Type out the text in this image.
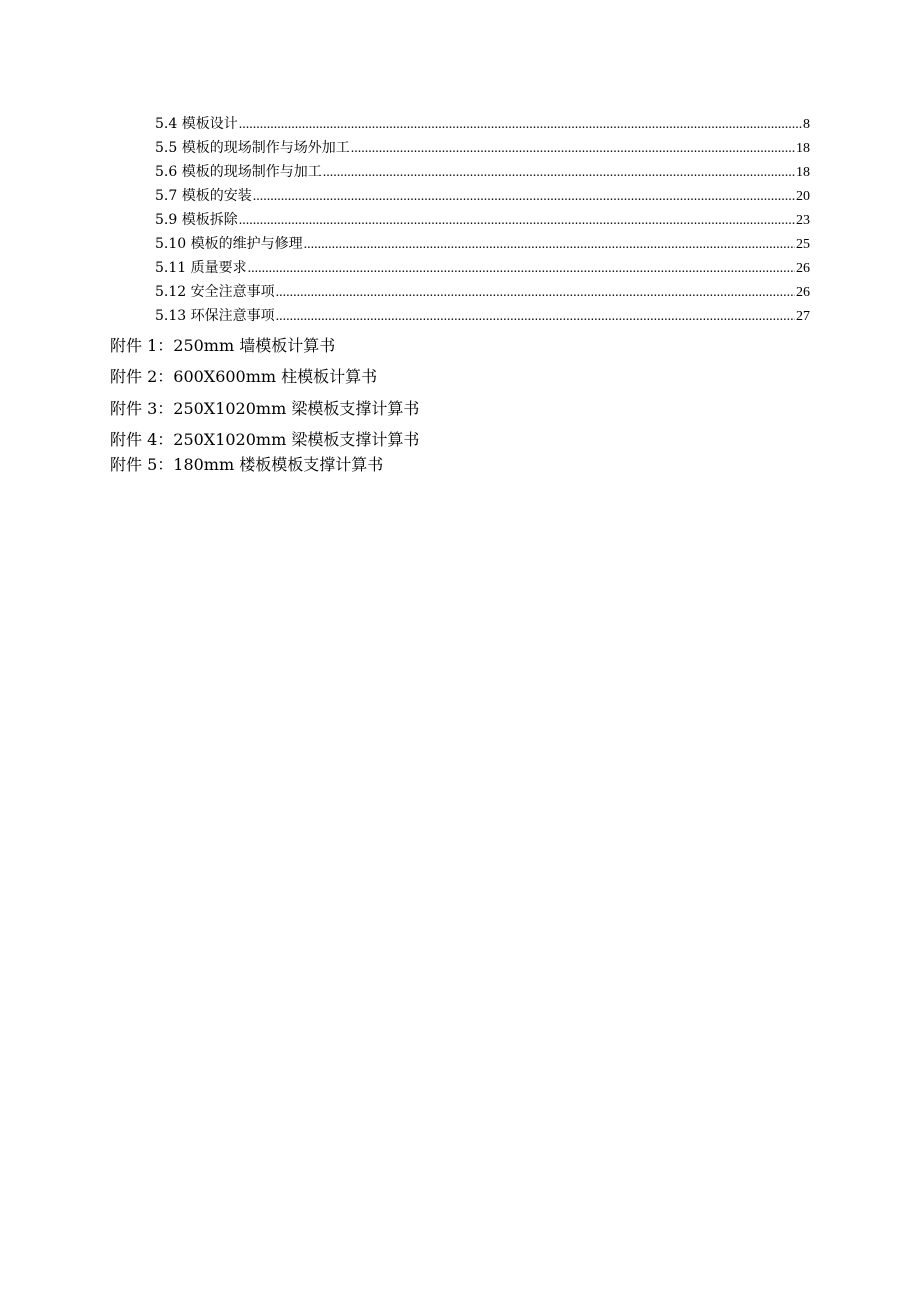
5.4 模板设计 .....	8
5.5 模板的现场制作与场外加工 .....	18
5.6 模板的现场制作与加工 .....	18
5.7 模板的安装 .....	20
5.9 模板拆除 .....	23
5.10 模板的维护与修理 .....	25
5.11 质量要求 .....	26
5.12 安全注意事项 .....	26
5.13 环保注意事项 .....	27
附件 1：250mm 墙模板计算书
附件 2：600X600mm 柱模板计算书
附件 3：250X1020mm 梁模板支撑计算书
附件 4：250X1020mm 梁模板支撑计算书
附件 5：180mm 楼板模板支撑计算书
